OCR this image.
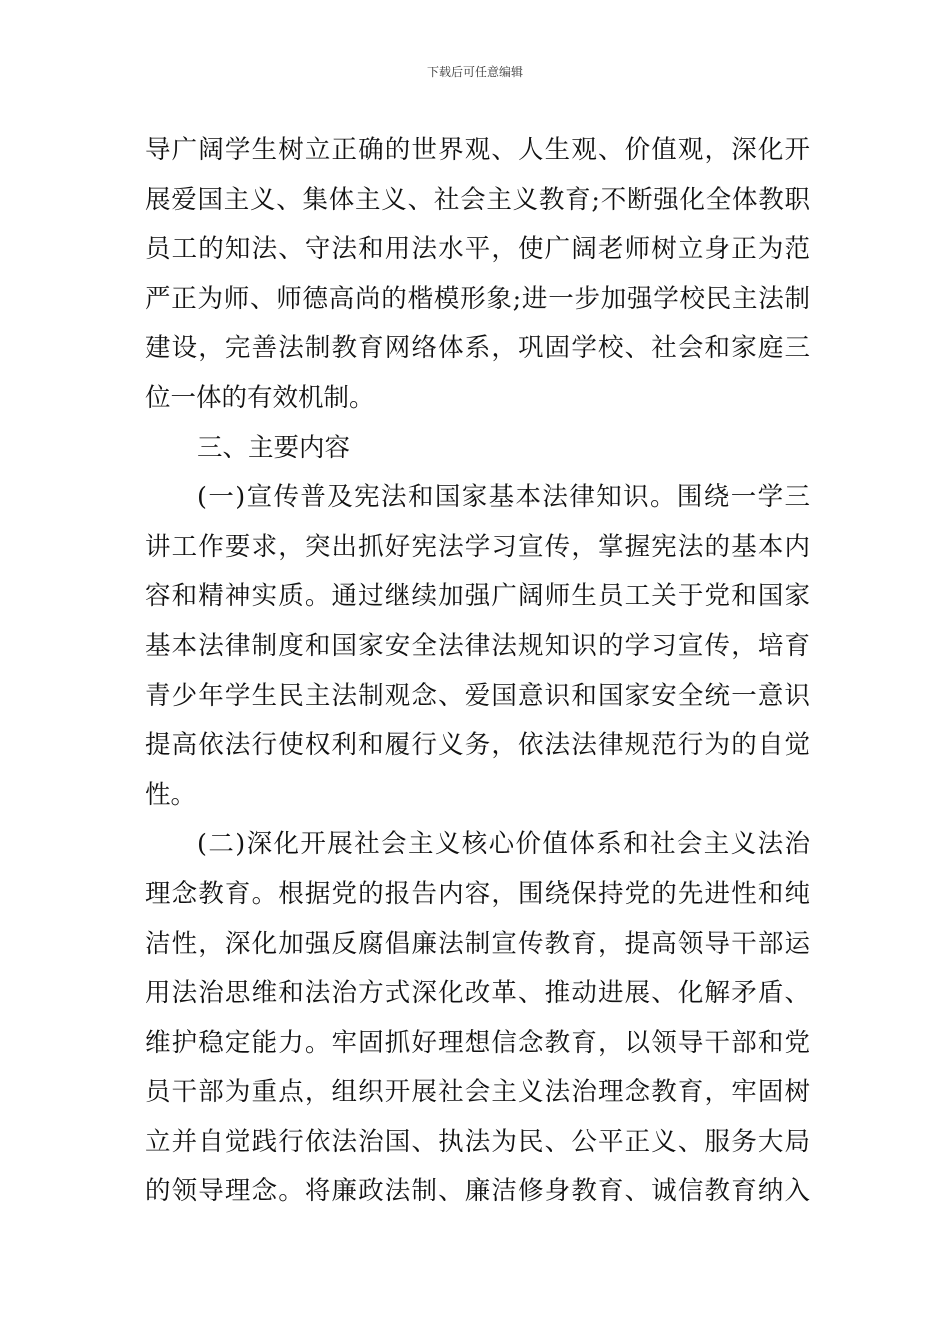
下载后可任意编辑
导广阔学生树立正确的世界观、人生观、价值观，深化开
展爱国主义、集体主义、社会主义教育;不断强化全体教职
员工的知法、守法和用法水平，使广阔老师树立身正为范
严正为师、师德高尚的楷模形象;进一步加强学校民主法制
建设，完善法制教育网络体系，巩固学校、社会和家庭三
位一体的有效机制。
三、主要内容
(一)宣传普及宪法和国家基本法律知识。围绕一学三
讲工作要求，突出抓好宪法学习宣传，掌握宪法的基本内
容和精神实质。通过继续加强广阔师生员工关于党和国家
基本法律制度和国家安全法律法规知识的学习宣传，培育
青少年学生民主法制观念、爱国意识和国家安全统一意识
提高依法行使权利和履行义务，依法法律规范行为的自觉
性。
(二)深化开展社会主义核心价值体系和社会主义法治
理念教育。根据党的报告内容，围绕保持党的先进性和纯
洁性，深化加强反腐倡廉法制宣传教育，提高领导干部运
用法治思维和法治方式深化改革、推动进展、化解矛盾、
维护稳定能力。牢固抓好理想信念教育，以领导干部和党
员干部为重点，组织开展社会主义法治理念教育，牢固树
立并自觉践行依法治国、执法为民、公平正义、服务大局
的领导理念。将廉政法制、廉洁修身教育、诚信教育纳入
